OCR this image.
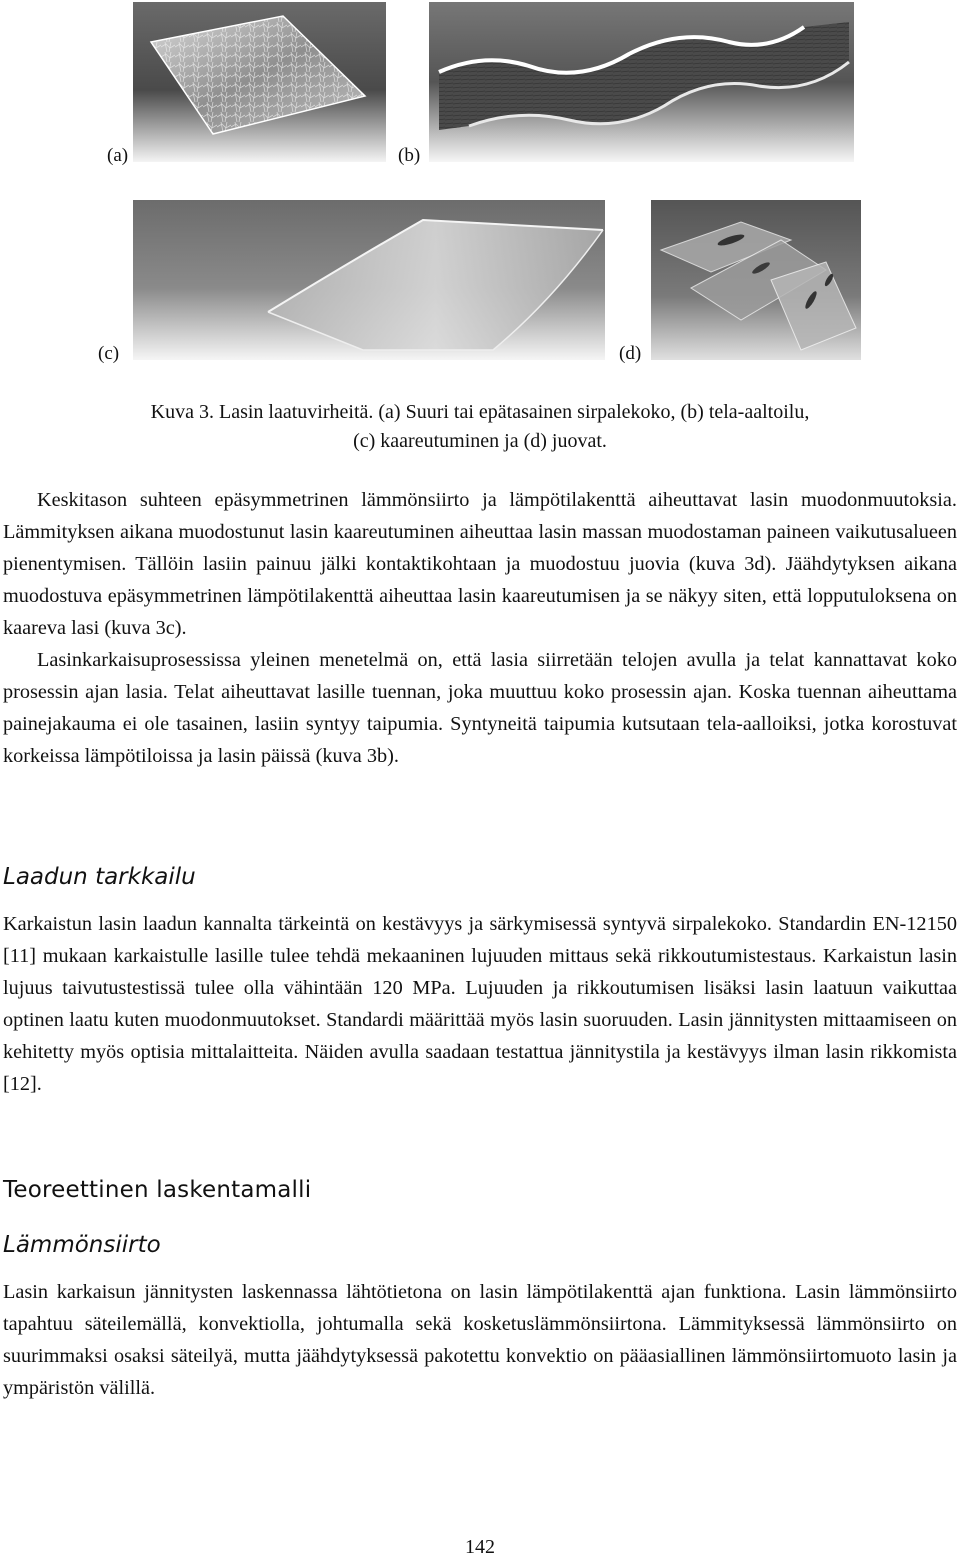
(a)	(b)
(c)	(d)
Kuva 3. Lasin laatuvirheitä. (a) Suuri tai epätasainen sirpalekoko, (b) tela-aaltoilu,
(c) kaareutuminen ja (d) juovat.
Keskitason suhteen epäsymmetrinen lämmönsiirto ja lämpötilakenttä aiheuttavat lasin muodonmuutoksia. Lämmityksen aikana muodostunut lasin kaareutuminen aiheuttaa lasin massan muodostaman paineen vaikutusalueen pienentymisen. Tällöin lasiin painuu jälki kontaktikohtaan ja muodostuu juovia (kuva 3d). Jäähdytyksen aikana muodostuva epäsymmetrinen lämpötilakenttä aiheuttaa lasin kaareutumisen ja se näkyy siten, että lopputuloksena on kaareva lasi (kuva 3c).
Lasinkarkaisuprosessissa yleinen menetelmä on, että lasia siirretään telojen avulla ja telat kannattavat koko prosessin ajan lasia. Telat aiheuttavat lasille tuennan, joka muuttuu koko prosessin ajan. Koska tuennan aiheuttama painejakauma ei ole tasainen, lasiin syntyy taipumia. Syntyneitä taipumia kutsutaan tela-aalloiksi, jotka korostuvat korkeissa lämpötiloissa ja lasin päissä (kuva 3b).
Laadun tarkkailu
Karkaistun lasin laadun kannalta tärkeintä on kestävyys ja särkymisessä syntyvä sirpalekoko. Standardin EN-12150 [11] mukaan karkaistulle lasille tulee tehdä mekaaninen lujuuden mittaus sekä rikkoutumistestaus. Karkaistun lasin lujuus taivutustestissä tulee olla vähintään 120 MPa. Lujuuden ja rikkoutumisen lisäksi lasin laatuun vaikuttaa optinen laatu kuten muodonmuutokset. Standardi määrittää myös lasin suoruuden. Lasin jännitysten mittaamiseen on kehitetty myös optisia mittalaitteita. Näiden avulla saadaan testattua jännitystila ja kestävyys ilman lasin rikkomista [12].
Teoreettinen laskentamalli
Lämmönsiirto
Lasin karkaisun jännitysten laskennassa lähtötietona on lasin lämpötilakenttä ajan funktiona. Lasin lämmönsiirto tapahtuu säteilemällä, konvektiolla, johtumalla sekä kosketuslämmönsiirtona. Lämmityksessä lämmönsiirto on suurimmaksi osaksi säteilyä, mutta jäähdytyksessä pakotettu konvektio on pääasiallinen lämmönsiirtomuoto lasin ja ympäristön välillä.
142
